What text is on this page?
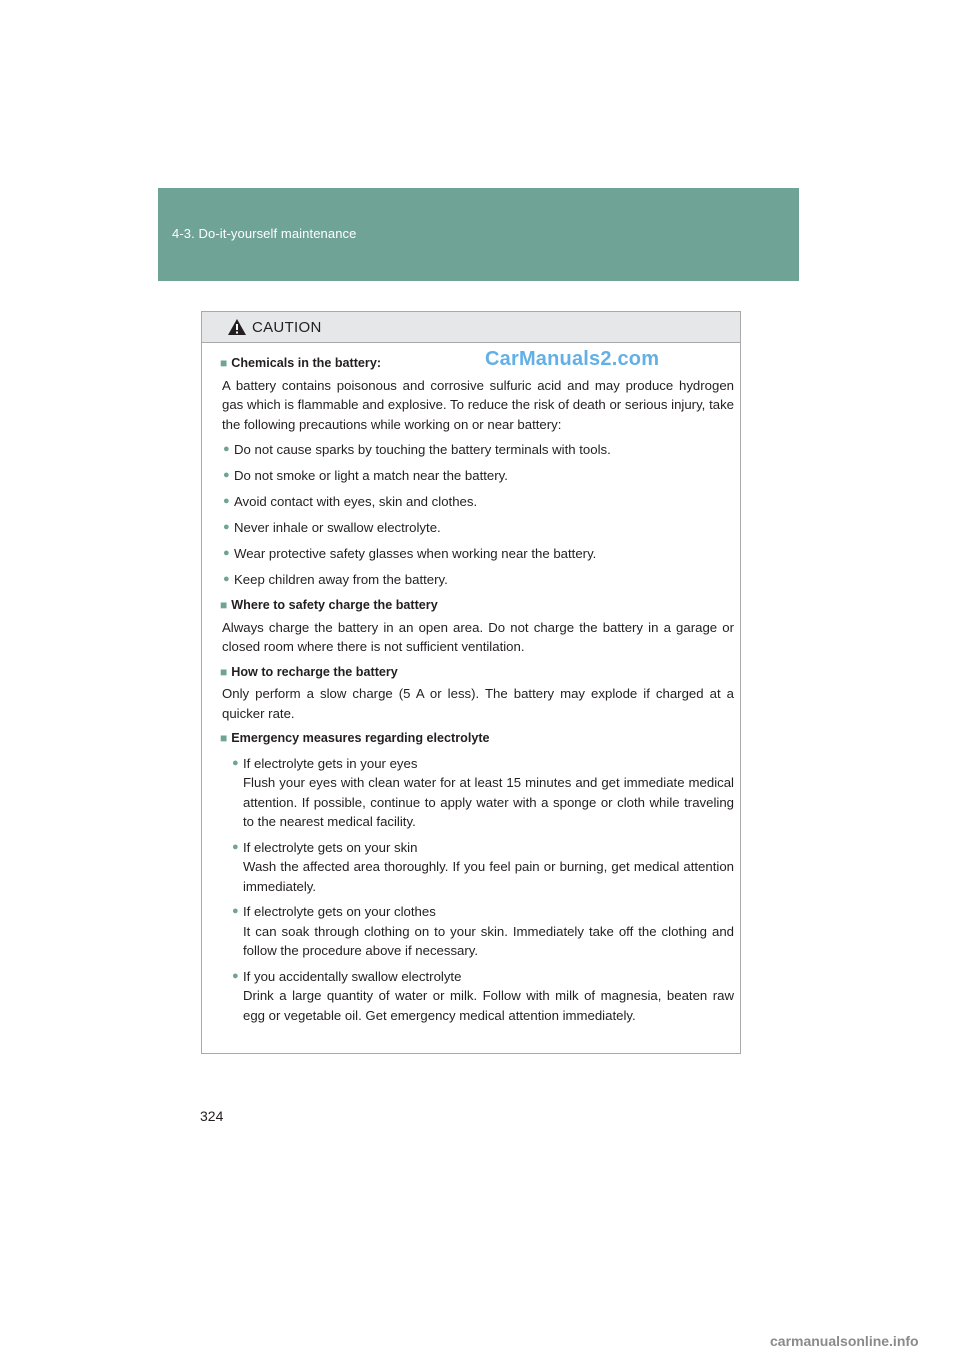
4-3. Do-it-yourself maintenance
CAUTION
■ Chemicals in the battery:
A battery contains poisonous and corrosive sulfuric acid and may produce hydrogen gas which is flammable and explosive. To reduce the risk of death or serious injury, take the following precautions while working on or near battery:
● Do not cause sparks by touching the battery terminals with tools.
● Do not smoke or light a match near the battery.
● Avoid contact with eyes, skin and clothes.
● Never inhale or swallow electrolyte.
● Wear protective safety glasses when working near the battery.
● Keep children away from the battery.
■ Where to safety charge the battery
Always charge the battery in an open area. Do not charge the battery in a garage or closed room where there is not sufficient ventilation.
■ How to recharge the battery
Only perform a slow charge (5 A or less). The battery may explode if charged at a quicker rate.
■ Emergency measures regarding electrolyte
● If electrolyte gets in your eyes
Flush your eyes with clean water for at least 15 minutes and get immediate medical attention. If possible, continue to apply water with a sponge or cloth while traveling to the nearest medical facility.
● If electrolyte gets on your skin
Wash the affected area thoroughly. If you feel pain or burning, get medical attention immediately.
● If electrolyte gets on your clothes
It can soak through clothing on to your skin. Immediately take off the clothing and follow the procedure above if necessary.
● If you accidentally swallow electrolyte
Drink a large quantity of water or milk. Follow with milk of magnesia, beaten raw egg or vegetable oil. Get emergency medical attention immediately.
CarManuals2.com
324
carmanualsonline.info
